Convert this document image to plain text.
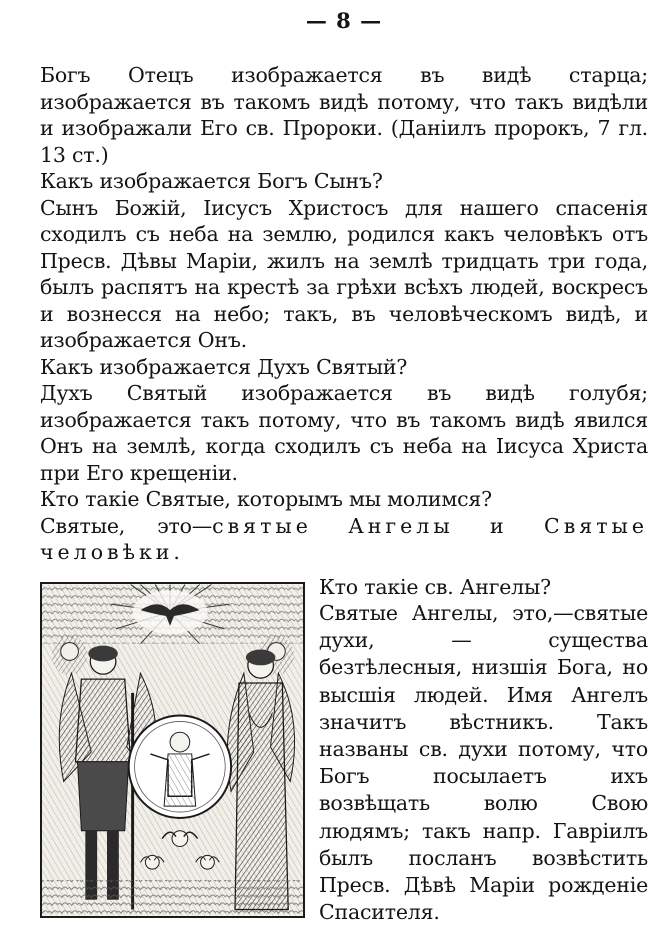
— 8 —

Богъ Отецъ изображается въ видѣ старца; изображается въ такомъ видѣ потому, что такъ видѣли и изображали Его св. Пророки. (Даніилъ пророкъ, 7 гл. 13 ст.)

Какъ изображается Богъ Сынъ?

Сынъ Божій, Іисусъ Христосъ для нашего спасенія сходилъ съ неба на землю, родился какъ человѣкъ отъ Пресв. Дѣвы Маріи, жилъ на землѣ тридцать три года, былъ распятъ на крестѣ за грѣхи всѣхъ людей, воскресъ и вознесся на небо; такъ, въ человѣческомъ видѣ, и изображается Онъ.

Какъ изображается Духъ Святый?

Духъ Святый изображается въ видѣ голубя; изображается такъ потому, что въ такомъ видѣ явился Онъ на землѣ, когда сходилъ съ неба на Іисуса Христа при Его крещеніи.

Кто такіе Святые, которымъ мы молимся?

Святые, это—святые Ангелы и Святые человѣки.

Кто такіе св. Ангелы?

Святые Ангелы, это,—святые духи, — существа безтѣлесныя, низшія Бога, но высшія людей. Имя Ангелъ значитъ вѣстникъ. Такъ названы св. духи потому, что Богъ посылаетъ ихъ возвѣщать волю Свою людямъ; такъ напр. Гавріилъ былъ посланъ возвѣстить Пресв. Дѣвѣ Маріи рожденіе Спасителя.
